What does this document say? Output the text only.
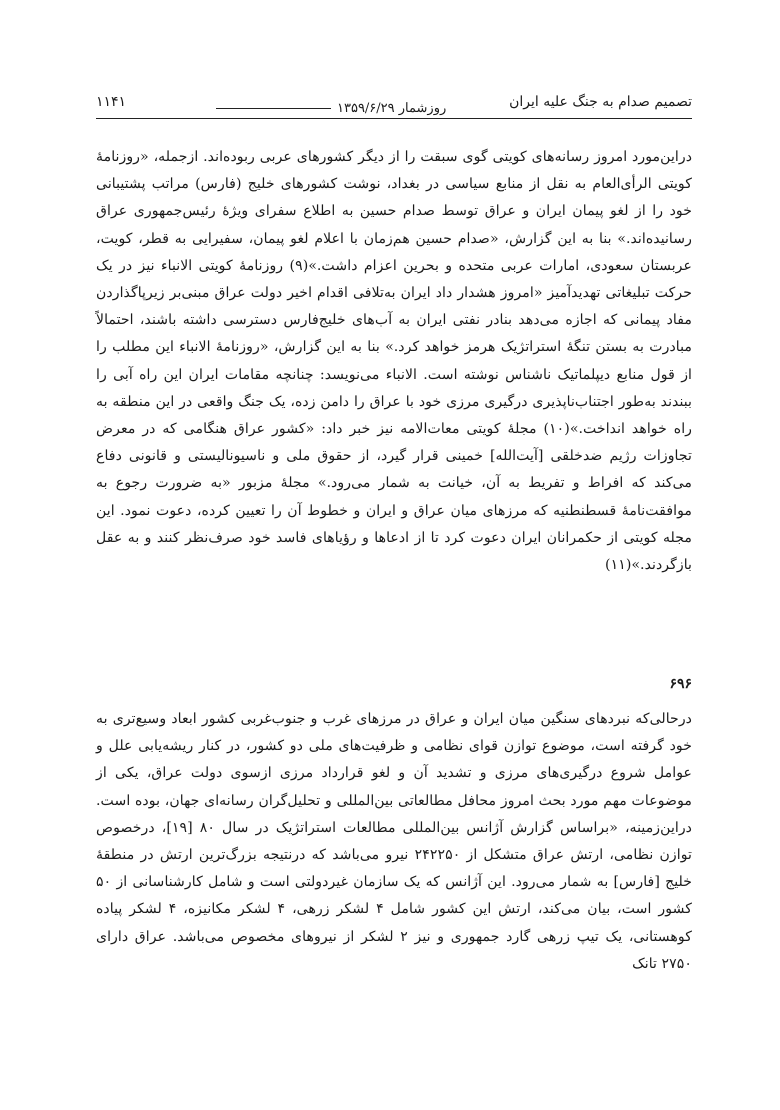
تصمیم صدام به جنگ علیه ایران
روزشمار ۱۳۵۹/۶/۲۹
۱۱۴۱

دراین‌مورد امروز رسانه‌های کویتی گوی سبقت را از دیگر کشورهای عربی ربوده‌اند. ازجمله، «روزنامهٔ کویتی الرأی‌العام به نقل از منابع سیاسی در بغداد، نوشت کشورهای خلیج (فارس) مراتب پشتیبانی خود را از لغو پیمان ایران و عراق توسط صدام حسین به اطلاع سفرای ویژهٔ رئیس‌جمهوری عراق رسانیده‌اند.» بنا به این گزارش، «صدام حسین هم‌زمان با اعلام لغو پیمان، سفیرایی به قطر، کویت، عربستان سعودی، امارات عربی متحده و بحرین اعزام داشت.»(۹) روزنامهٔ کویتی الانباء نیز در یک حرکت تبلیغاتی تهدیدآمیز «امروز هشدار داد ایران به‌تلافی اقدام اخیر دولت عراق مبنی‌بر زیرپاگذاردن مفاد پیمانی که اجازه می‌دهد بنادر نفتی ایران به آب‌های خلیج‌فارس دسترسی داشته باشند، احتمالاً مبادرت به بستن تنگهٔ استراتژیک هرمز خواهد کرد.» بنا به این گزارش، «روزنامهٔ الانباء این مطلب را از قول منابع دیپلماتیک ناشناس نوشته است. الانباء می‌نویسد: چنانچه مقامات ایران این راه آبی را ببندند به‌طور اجتناب‌ناپذیری درگیری مرزی خود با عراق را دامن زده، یک جنگ واقعی در این منطقه به راه خواهد انداخت.»(۱۰) مجلهٔ کویتی معات‌الامه نیز خبر داد: «کشور عراق هنگامی که در معرض تجاوزات رژیم ضدخلقی [آیت‌الله] خمینی قرار گیرد، از حقوق ملی و ناسیونالیستی و قانونی دفاع می‌کند که افراط و تفریط به آن، خیانت به شمار می‌رود.» مجلهٔ مزبور «به ضرورت رجوع به موافقت‌نامهٔ قسطنطنیه که مرزهای میان عراق و ایران و خطوط آن را تعیین کرده، دعوت نمود. این مجله کویتی از حکمرانان ایران دعوت کرد تا از ادعاها و رؤیاهای فاسد خود صرف‌نظر کنند و به عقل بازگردند.»(۱۱)

۶۹۶

درحالی‌که نبردهای سنگین میان ایران و عراق در مرزهای غرب و جنوب‌غربی کشور ابعاد وسیع‌تری به خود گرفته است، موضوع توازن قوای نظامی و ظرفیت‌های ملی دو کشور، در کنار ریشه‌یابی علل و عوامل شروع درگیری‌های مرزی و تشدید آن و لغو قرارداد مرزی ازسوی دولت عراق، یکی از موضوعات مهم مورد بحث امروز محافل مطالعاتی بین‌المللی و تحلیل‌گران رسانه‌ای جهان، بوده است. دراین‌زمینه، «براساس گزارش آژانس بین‌المللی مطالعات استراتژیک در سال ۸۰ [۱۹]، درخصوص توازن نظامی، ارتش عراق متشکل از ۲۴۲۲۵۰ نیرو می‌باشد که درنتیجه بزرگ‌ترین ارتش در منطقهٔ خلیج [فارس] به شمار می‌رود. این آژانس که یک سازمان غیردولتی است و شامل کارشناسانی از ۵۰ کشور است، بیان می‌کند، ارتش این کشور شامل ۴ لشکر زرهی، ۴ لشکر مکانیزه، ۴ لشکر پیاده کوهستانی، یک تیپ زرهی گارد جمهوری و نیز ۲ لشکر از نیروهای مخصوص می‌باشد. عراق دارای ۲۷۵۰ تانک
